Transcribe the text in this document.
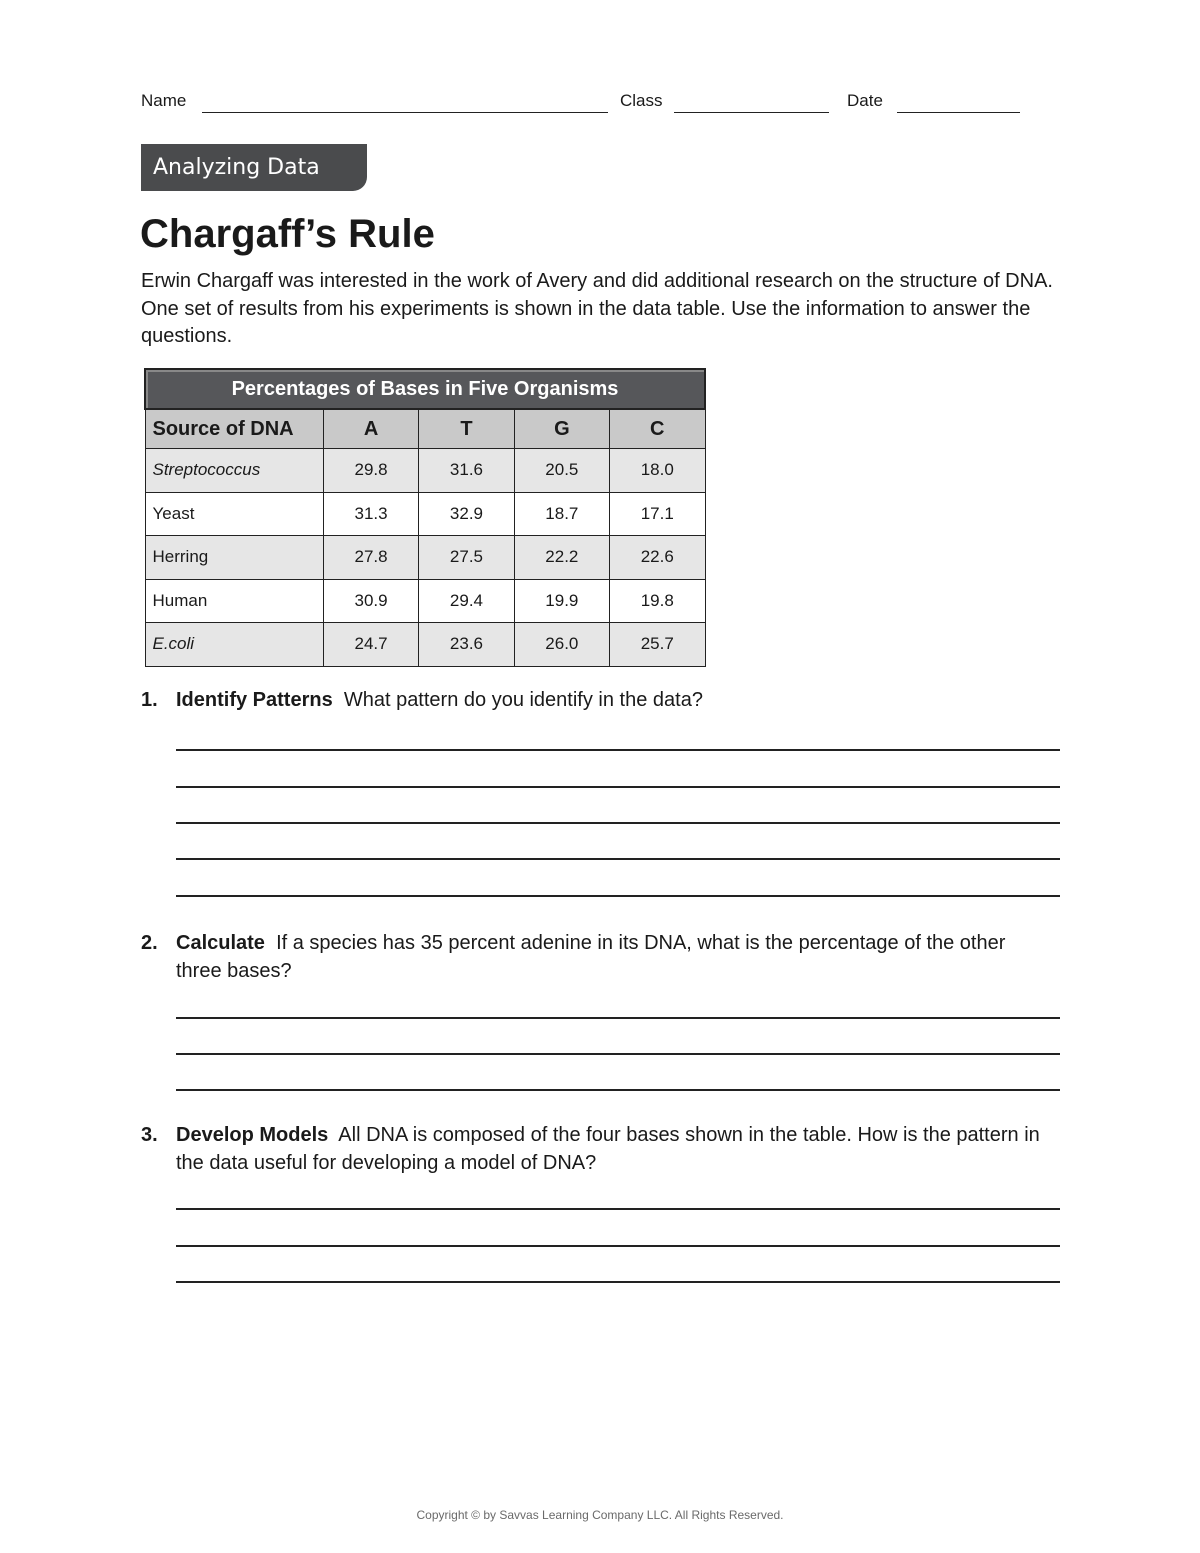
Name	Class	Date
Analyzing Data
Chargaff’s Rule

Erwin Chargaff was interested in the work of Avery and did additional research on the structure of DNA. One set of results from his experiments is shown in the data table. Use the information to answer the questions.

Percentages of Bases in Five Organisms				
Source of DNA	A	T	G	C
Streptococcus	29.8	31.6	20.5	18.0
Yeast	31.3	32.9	18.7	17.1
Herring	27.8	27.5	22.2	22.6
Human	30.9	29.4	19.9	19.8
E.coli	24.7	23.6	26.0	25.7
1. Identify Patterns What pattern do you identify in the data?
2. Calculate If a species has 35 percent adenine in its DNA, what is the percentage of the other three bases?
3. Develop Models All DNA is composed of the four bases shown in the table. How is the pattern in the data useful for developing a model of DNA?
Copyright © by Savvas Learning Company LLC. All Rights Reserved.
